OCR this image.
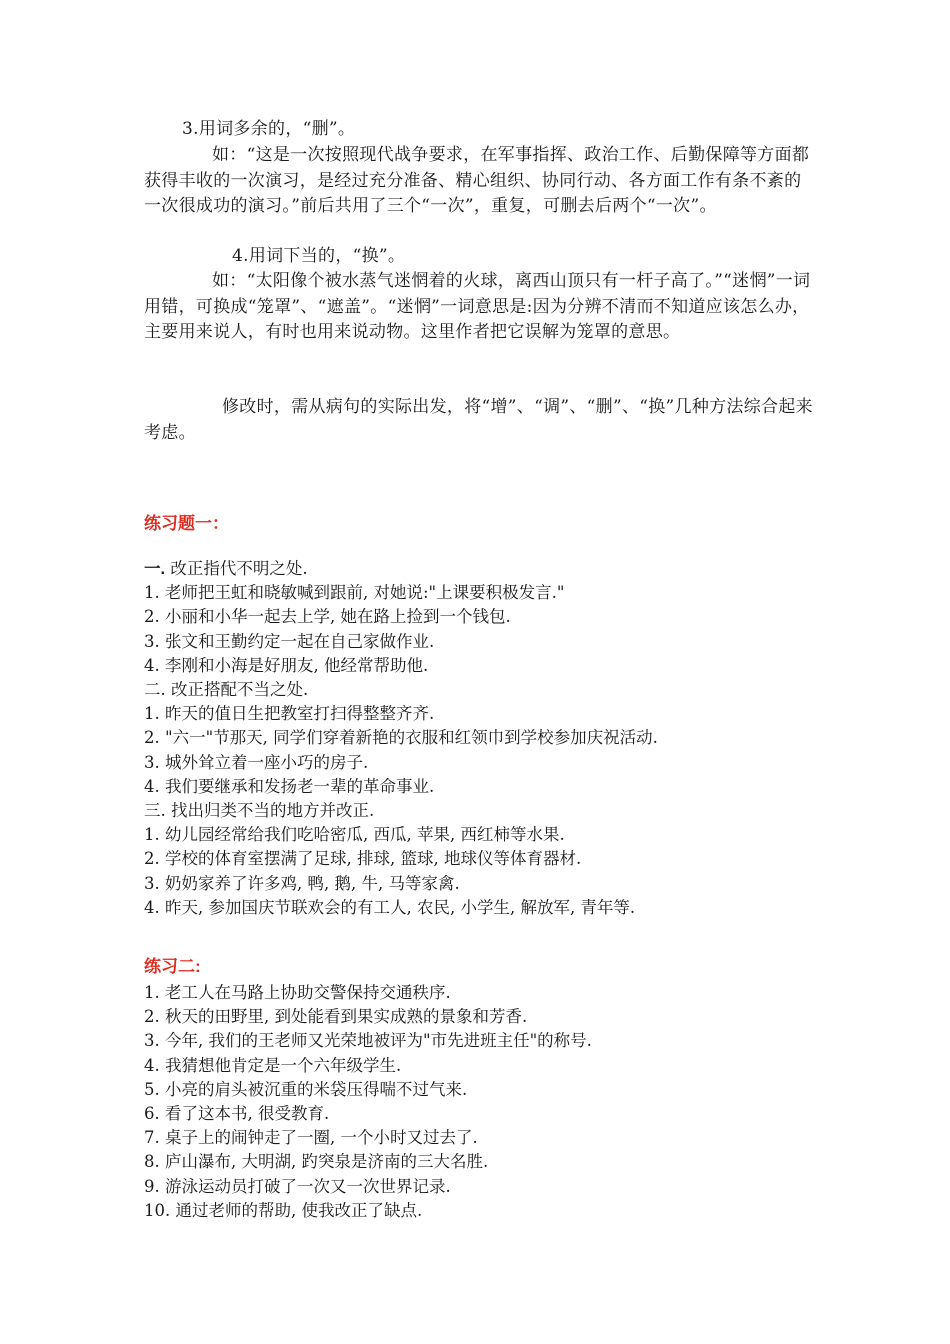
3.用词多余的，“删”。

如：“这是一次按照现代战争要求，在军事指挥、政治工作、后勤保障等方面都获得丰收的一次演习，是经过充分准备、精心组织、协同行动、各方面工作有条不紊的一次很成功的演习。”前后共用了三个“一次”，重复，可删去后两个“一次”。

4.用词下当的，“换”。

如：“太阳像个被水蒸气迷惘着的火球，离西山顶只有一杆子高了。”“迷惘”一词用错，可换成“笼罩”、“遮盖”。“迷惘”一词意思是:因为分辨不清而不知道应该怎么办，主要用来说人，有时也用来说动物。这里作者把它误解为笼罩的意思。

修改时，需从病句的实际出发，将“增”、“调”、“删”、“换”几种方法综合起来考虑。

练习题一：
一. 改正指代不明之处.
1. 老师把王虹和晓敏喊到跟前, 对她说:"上课要积极发言."
2. 小丽和小华一起去上学, 她在路上捡到一个钱包.
3. 张文和王勤约定一起在自己家做作业.
4. 李刚和小海是好朋友, 他经常帮助他.
二. 改正搭配不当之处.
1. 昨天的值日生把教室打扫得整整齐齐.
2. "六一"节那天, 同学们穿着新艳的衣服和红领巾到学校参加庆祝活动.
3. 城外耸立着一座小巧的房子.
4. 我们要继承和发扬老一辈的革命事业.
三. 找出归类不当的地方并改正.
1. 幼儿园经常给我们吃哈密瓜, 西瓜, 苹果, 西红柿等水果.
2. 学校的体育室摆满了足球, 排球, 篮球, 地球仪等体育器材.
3. 奶奶家养了许多鸡, 鸭, 鹅, 牛, 马等家禽.
4. 昨天, 参加国庆节联欢会的有工人, 农民, 小学生, 解放军, 青年等.
练习二:
1. 老工人在马路上协助交警保持交通秩序.
2. 秋天的田野里, 到处能看到果实成熟的景象和芳香.
3. 今年, 我们的王老师又光荣地被评为"市先进班主任"的称号.
4. 我猜想他肯定是一个六年级学生.
5. 小亮的肩头被沉重的米袋压得喘不过气来.
6. 看了这本书, 很受教育.
7. 桌子上的闹钟走了一圈, 一个小时又过去了.
8. 庐山瀑布, 大明湖, 趵突泉是济南的三大名胜.
9. 游泳运动员打破了一次又一次世界记录.
10. 通过老师的帮助, 使我改正了缺点.
